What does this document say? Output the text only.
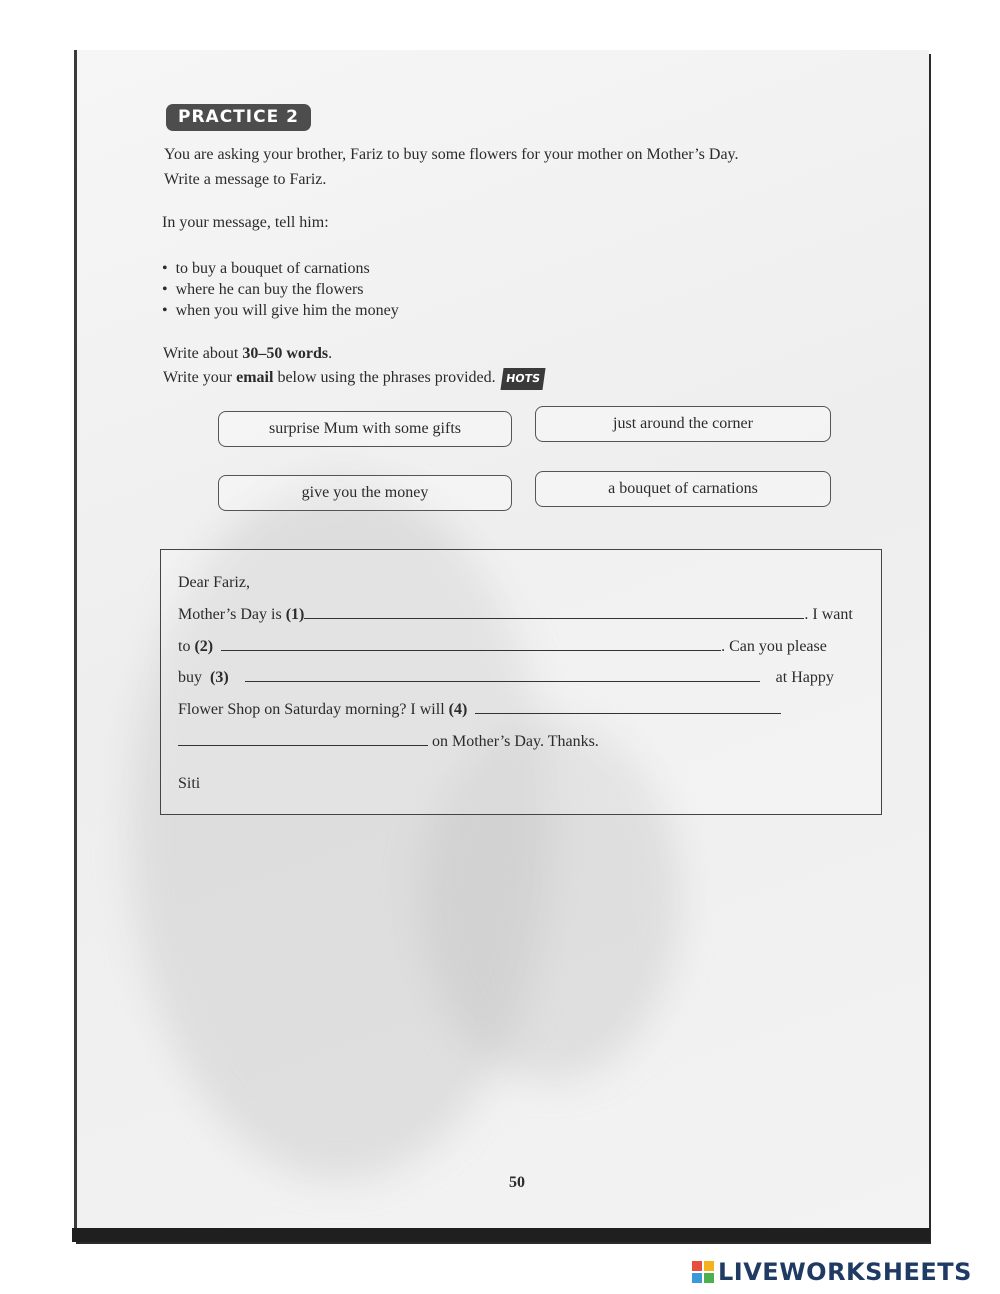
PRACTICE 2
You are asking your brother, Fariz to buy some flowers for your mother on Mother’s Day.
Write a message to Fariz.
In your message, tell him:
• to buy a bouquet of carnations
• where he can buy the flowers
• when you will give him the money
Write about 30–50 words.
Write your email below using the phrases provided. HOTS
surprise Mum with some gifts	just around the corner
give you the money	a bouquet of carnations
Dear Fariz,
Mother’s Day is (1)	. I want
to (2)	. Can you please
buy  (3)	at Happy
Flower Shop on Saturday morning? I will (4)
on Mother’s Day. Thanks.
Siti
50
LIVEWORKSHEETS
